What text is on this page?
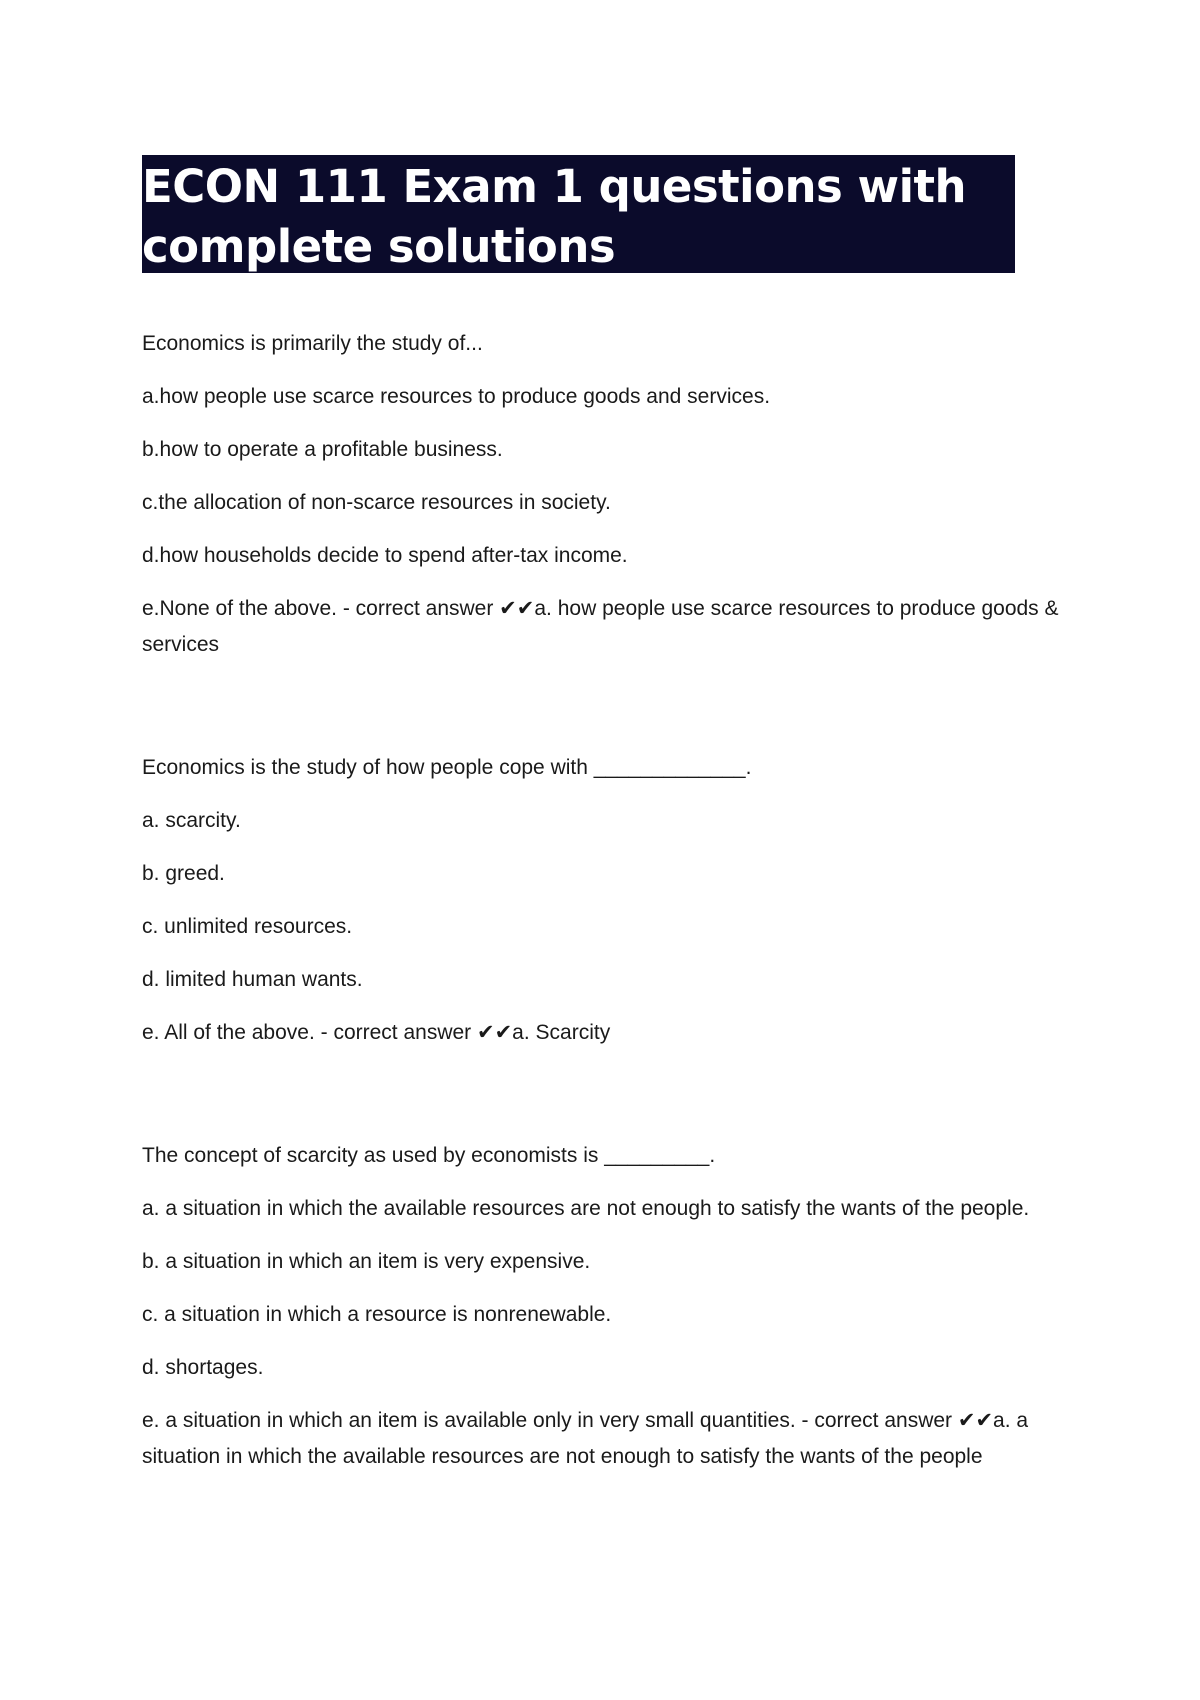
ECON 111 Exam 1 questions with
complete solutions

Economics is primarily the study of...

a.how people use scarce resources to produce goods and services.

b.how to operate a profitable business.

c.the allocation of non-scarce resources in society.

d.how households decide to spend after-tax income.

e.None of the above. - correct answer ✔✔a. how people use scarce resources to produce goods & services

Economics is the study of how people cope with _____________.

a. scarcity.

b. greed.

c. unlimited resources.

d. limited human wants.

e. All of the above. - correct answer ✔✔a. Scarcity

The concept of scarcity as used by economists is _________.

a. a situation in which the available resources are not enough to satisfy the wants of the people.

b. a situation in which an item is very expensive.

c. a situation in which a resource is nonrenewable.

d. shortages.

e. a situation in which an item is available only in very small quantities. - correct answer ✔✔a. a situation in which the available resources are not enough to satisfy the wants of the people
